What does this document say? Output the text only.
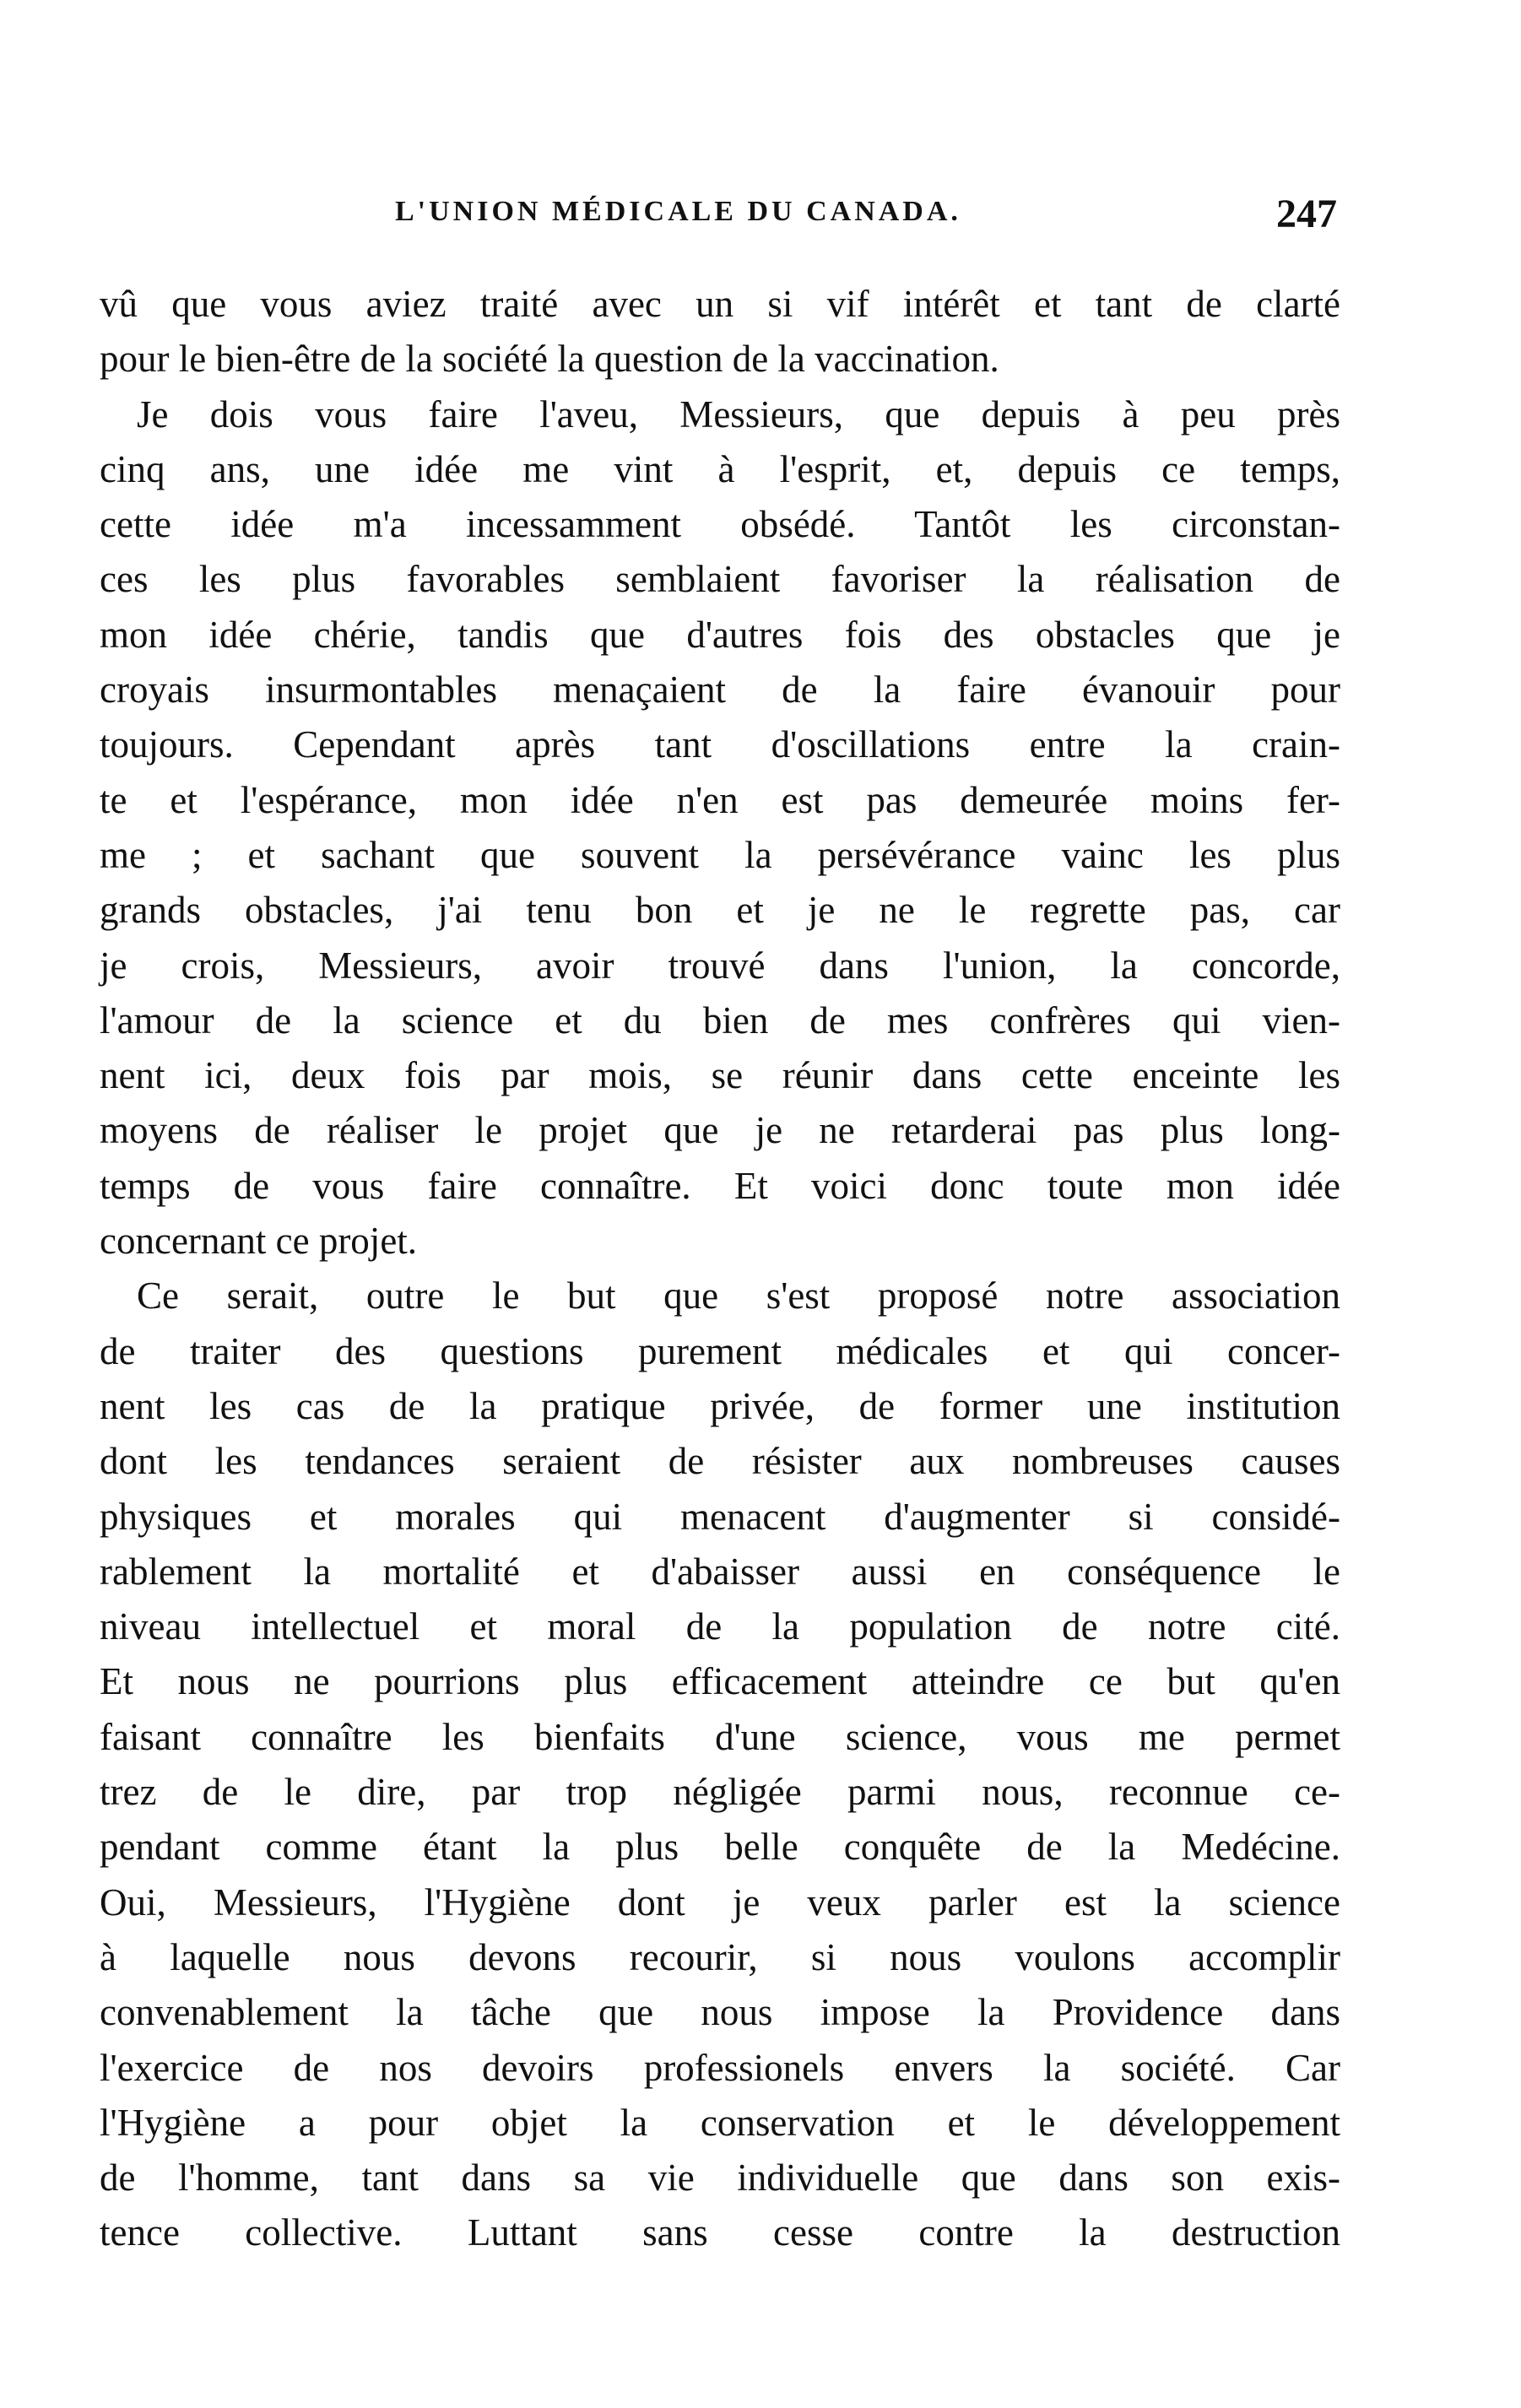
L'UNION MÉDICALE DU CANADA.	247
vû que vous aviez traité avec un si vif intérêt et tant de clarté
pour le bien-être de la société la question de la vaccination.
Je dois vous faire l'aveu, Messieurs, que depuis à peu près
cinq ans, une idée me vint à l'esprit, et, depuis ce temps,
cette idée m'a incessamment obsédé. Tantôt les circonstan-
ces les plus favorables semblaient favoriser la réalisation de
mon idée chérie, tandis que d'autres fois des obstacles que je
croyais insurmontables menaçaient de la faire évanouir pour
toujours. Cependant après tant d'oscillations entre la crain-
te et l'espérance, mon idée n'en est pas demeurée moins fer-
me ; et sachant que souvent la persévérance vainc les plus
grands obstacles, j'ai tenu bon et je ne le regrette pas, car
je crois, Messieurs, avoir trouvé dans l'union, la concorde,
l'amour de la science et du bien de mes confrères qui vien-
nent ici, deux fois par mois, se réunir dans cette enceinte les
moyens de réaliser le projet que je ne retarderai pas plus long-
temps de vous faire connaître. Et voici donc toute mon idée
concernant ce projet.
Ce serait, outre le but que s'est proposé notre association
de traiter des questions purement médicales et qui concer-
nent les cas de la pratique privée, de former une institution
dont les tendances seraient de résister aux nombreuses causes
physiques et morales qui menacent d'augmenter si considé-
rablement la mortalité et d'abaisser aussi en conséquence le
niveau intellectuel et moral de la population de notre cité.
Et nous ne pourrions plus efficacement atteindre ce but qu'en
faisant connaître les bienfaits d'une science, vous me permet
trez de le dire, par trop négligée parmi nous, reconnue ce-
pendant comme étant la plus belle conquête de la Medécine.
Oui, Messieurs, l'Hygiène dont je veux parler est la science
à laquelle nous devons recourir, si nous voulons accomplir
convenablement la tâche que nous impose la Providence dans
l'exercice de nos devoirs professionels envers la société. Car
l'Hygiène a pour objet la conservation et le développement
de l'homme, tant dans sa vie individuelle que dans son exis-
tence collective. Luttant sans cesse contre la destruction
